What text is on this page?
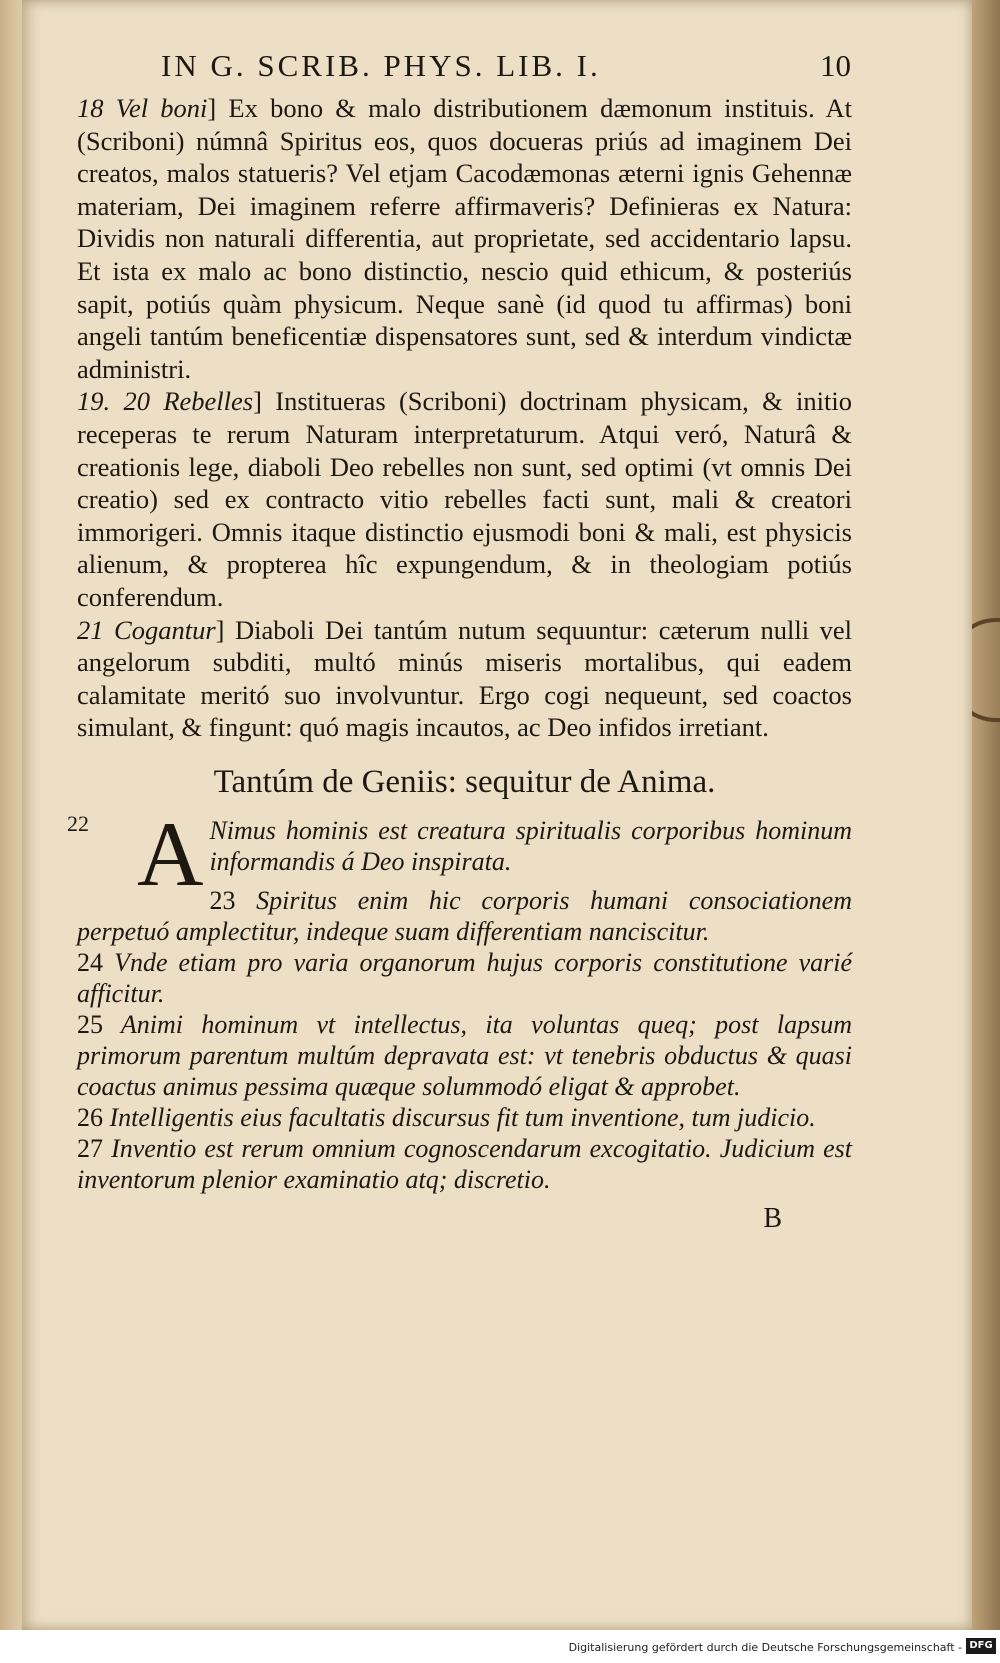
IN G. SCRIB. PHYS. LIB. I.	10

18 Vel boni] Ex bono & malo distributionem dæmonum instituis. At (Scriboni) númnâ Spiritus eos, quos docueras priús ad imaginem Dei creatos, malos statueris? Vel etjam Cacodæmonas æterni ignis Gehennæ materiam, Dei imaginem referre affirmaveris? Definieras ex Natura: Dividis non naturali differentia, aut proprietate, sed accidentario lapsu. Et ista ex malo ac bono distinctio, nescio quid ethicum, & posteriús sapit, potiús quàm physicum. Neque sanè (id quod tu affirmas) boni angeli tantúm beneficentiæ dispensatores sunt, sed & interdum vindictæ administri.

19. 20 Rebelles] Institueras (Scriboni) doctrinam physicam, & initio receperas te rerum Naturam interpretaturum. Atqui veró, Naturâ & creationis lege, diaboli Deo rebelles non sunt, sed optimi (vt omnis Dei creatio) sed ex contracto vitio rebelles facti sunt, mali & creatori immorigeri. Omnis itaque distinctio ejusmodi boni & mali, est physicis alienum, & propterea hîc expungendum, & in theologiam potiús conferendum.

21 Cogantur] Diaboli Dei tantúm nutum sequuntur: cæterum nulli vel angelorum subditi, multó minús miseris mortalibus, qui eadem calamitate meritó suo involvuntur. Ergo cogi nequeunt, sed coactos simulant, & fingunt: quó magis incautos, ac Deo infidos irretiant.

Tantúm de Geniis: sequitur de Anima.
22 A Nimus hominis est creatura spiritualis corporibus hominum informandis á Deo inspirata.

23 Spiritus enim hic corporis humani consociationem perpetuó amplectitur, indeque suam differentiam nanciscitur.

24 Vnde etiam pro varia organorum hujus corporis constitutione varié afficitur.

25 Animi hominum vt intellectus, ita voluntas queq; post lapsum primorum parentum multúm depravata est: vt tenebris obductus & quasi coactus animus pessima quæque solummodó eligat & approbet.

26 Intelligentis eius facultatis discursus fit tum inventione, tum judicio.

27 Inventio est rerum omnium cognoscendarum excogitatio. Judicium est inventorum plenior examinatio atq; discretio.

B
Digitalisierung gefördert durch die Deutsche Forschungsgemeinschaft - DFG
